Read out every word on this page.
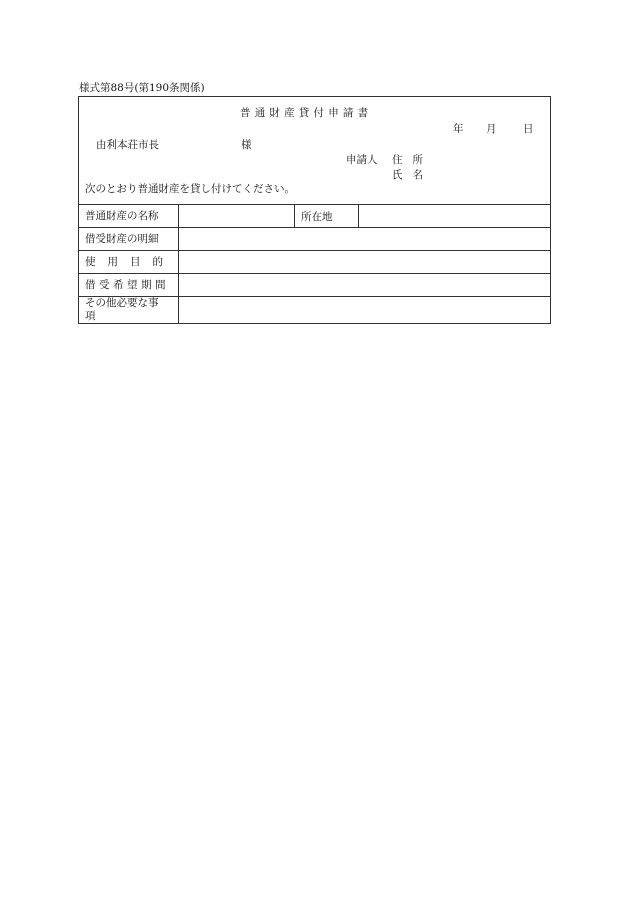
様式第88号(第190条関係)
普通財産貸付申請書
年 月	日
由利本荘市長	様
申請人 住所
氏名
次のとおり普通財産を貸し付けてください。
普通財産の名称	所在地
借受財産の明細
使用目的
借受希望期間
その他必要な事
項
